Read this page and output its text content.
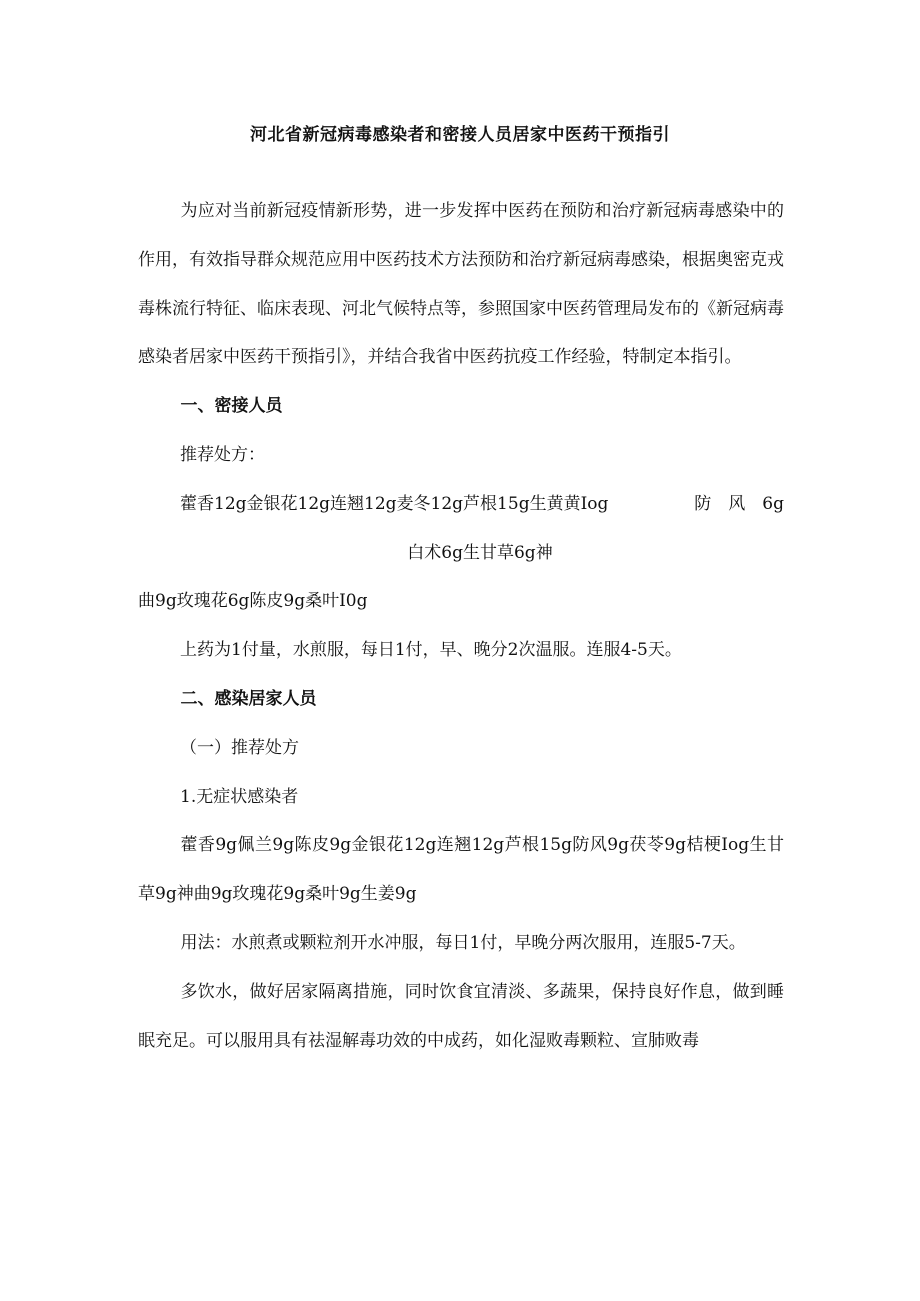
河北省新冠病毒感染者和密接人员居家中医药干预指引

为应对当前新冠疫情新形势，进一步发挥中医药在预防和治疗新冠病毒感染中的作用，有效指导群众规范应用中医药技术方法预防和治疗新冠病毒感染，根据奥密克戎毒株流行特征、临床表现、河北气候特点等，参照国家中医药管理局发布的《新冠病毒感染者居家中医药干预指引》，并结合我省中医药抗疫工作经验，特制定本指引。

一、密接人员

推荐处方：

藿香12g金银花12g连翘12g麦冬12g芦根15g生黄黄Iog	防　风　6g

白术6g生甘草6g神

曲9g玫瑰花6g陈皮9g桑叶I0g

上药为1付量，水煎服，每日1付，早、晚分2次温服。连服4-5天。

二、感染居家人员

（一）推荐处方

1.无症状感染者

藿香9g佩兰9g陈皮9g金银花12g连翘12g芦根15g防风9g茯苓9g桔梗Iog生甘草9g神曲9g玫瑰花9g桑叶9g生姜9g

用法：水煎煮或颗粒剂开水冲服，每日1付，早晚分两次服用，连服5-7天。

多饮水，做好居家隔离措施，同时饮食宜清淡、多蔬果，保持良好作息，做到睡眠充足。可以服用具有祛湿解毒功效的中成药，如化湿败毒颗粒、宣肺败毒
